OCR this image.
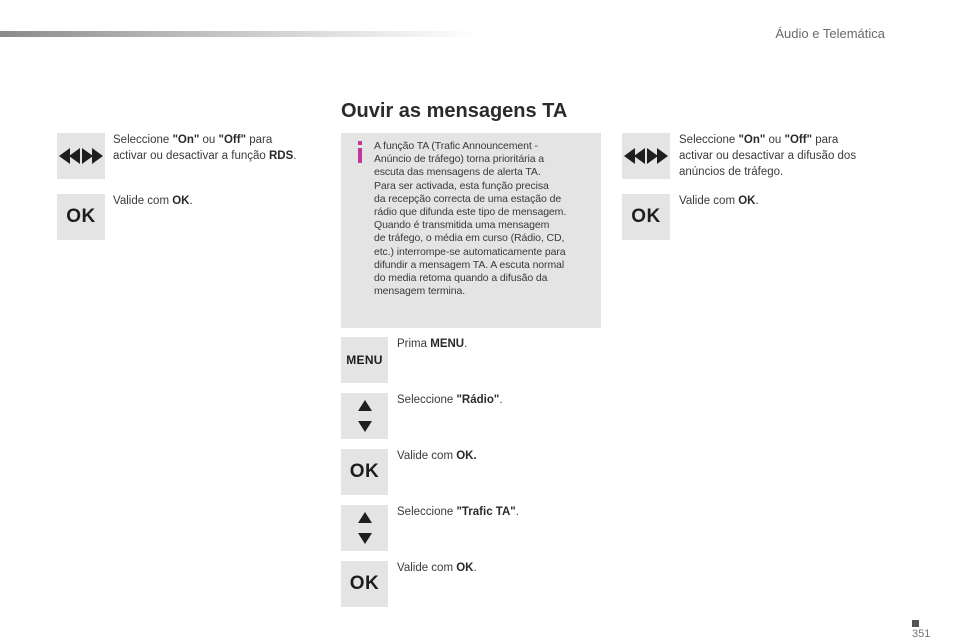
Áudio e Telemática
Ouvir as mensagens TA
Seleccione "On" ou "Off" para
activar ou desactivar a função RDS.
OK
Valide com OK.
A função TA (Trafic Announcement -
Anúncio de tráfego) torna prioritária a
escuta das mensagens de alerta TA.
Para ser activada, esta função precisa
da recepção correcta de uma estação de
rádio que difunda este tipo de mensagem.
Quando é transmitida uma mensagem
de tráfego, o média em curso (Rádio, CD,
etc.) interrompe-se automaticamente para
difundir a mensagem TA. A escuta normal
do media retoma quando a difusão da
mensagem termina.
MENU
Prima MENU.
Seleccione "Rádio".
OK
Valide com OK.
Seleccione "Trafic TA".
OK
Valide com OK.
Seleccione "On" ou "Off" para
activar ou desactivar a difusão dos
anúncios de tráfego.
OK
Valide com OK.
351
